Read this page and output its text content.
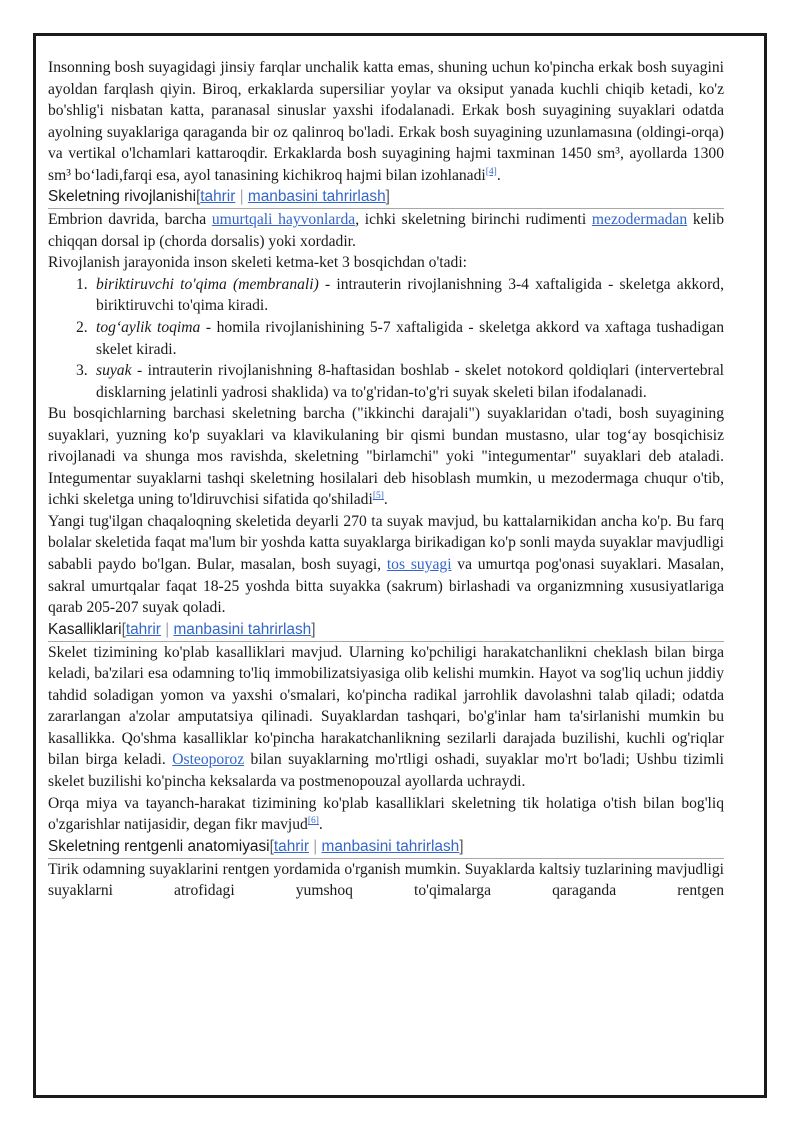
Insonning bosh suyagidagi jinsiy farqlar unchalik katta emas, shuning uchun ko'pincha erkak bosh suyagini ayoldan farqlash qiyin. Biroq, erkaklarda supersiliar yoylar va oksiput yanada kuchli chiqib ketadi, ko'z bo'shlig'i nisbatan katta, paranasal sinuslar yaxshi ifodalanadi. Erkak bosh suyagining suyaklari odatda ayolning suyaklariga qaraganda bir oz qalinroq bo'ladi. Erkak bosh suyagining uzunlamasına (oldingi-orqa) va vertikal o'lchamlari kattaroqdir. Erkaklarda bosh suyagining hajmi taxminan 1450 sm³, ayollarda 1300 sm³ bo‘ladi,farqi esa, ayol tanasining kichikroq hajmi bilan izohlanadi[4].

Skeletning rivojlanishi[tahrir | manbasini tahrirlash]

Embrion davrida, barcha umurtqali hayvonlarda, ichki skeletning birinchi rudimenti mezodermadan kelib chiqqan dorsal ip (chorda dorsalis) yoki xordadir.

Rivojlanish jarayonida inson skeleti ketma-ket 3 bosqichdan o'tadi:

1. biriktiruvchi to'qima (membranali) - intrauterin rivojlanishning 3-4 xaftaligida - skeletga akkord, biriktiruvchi to'qima kiradi.
2. tog‘aylik toqima - homila rivojlanishining 5-7 xaftaligida - skeletga akkord va xaftaga tushadigan skelet kiradi.
3. suyak - intrauterin rivojlanishning 8-haftasidan boshlab - skelet notokord qoldiqlari (intervertebral disklarning jelatinli yadrosi shaklida) va to'g'ridan-to'g'ri suyak skeleti bilan ifodalanadi.

Bu bosqichlarning barchasi skeletning barcha ("ikkinchi darajali") suyaklaridan o'tadi, bosh suyagining suyaklari, yuzning ko'p suyaklari va klavikulaning bir qismi bundan mustasno, ular tog‘ay bosqichisiz rivojlanadi va shunga mos ravishda, skeletning "birlamchi" yoki "integumentar" suyaklari deb ataladi. Integumentar suyaklarni tashqi skeletning hosilalari deb hisoblash mumkin, u mezodermaga chuqur o'tib, ichki skeletga uning to'ldiruvchisi sifatida qo'shiladi[5].

Yangi tug'ilgan chaqaloqning skeletida deyarli 270 ta suyak mavjud, bu kattalarnikidan ancha ko'p. Bu farq bolalar skeletida faqat ma'lum bir yoshda katta suyaklarga birikadigan ko'p sonli mayda suyaklar mavjudligi sababli paydo bo'lgan. Bular, masalan, bosh suyagi, tos suyagi va umurtqa pog'onasi suyaklari. Masalan, sakral umurtqalar faqat 18-25 yoshda bitta suyakka (sakrum) birlashadi va organizmning xususiyatlariga qarab 205-207 suyak qoladi.

Kasalliklari[tahrir | manbasini tahrirlash]

Skelet tizimining ko'plab kasalliklari mavjud. Ularning ko'pchiligi harakatchanlikni cheklash bilan birga keladi, ba'zilari esa odamning to'liq immobilizatsiyasiga olib kelishi mumkin. Hayot va sog'liq uchun jiddiy tahdid soladigan yomon va yaxshi o'smalari, ko'pincha radikal jarrohlik davolashni talab qiladi; odatda zararlangan a'zolar amputatsiya qilinadi. Suyaklardan tashqari, bo'g'inlar ham ta'sirlanishi mumkin bu kasallikka. Qo'shma kasalliklar ko'pincha harakatchanlikning sezilarli darajada buzilishi, kuchli og'riqlar bilan birga keladi. Osteoporoz bilan suyaklarning mo'rtligi oshadi, suyaklar mo'rt bo'ladi; Ushbu tizimli skelet buzilishi ko'pincha keksalarda va postmenopouzal ayollarda uchraydi.

Orqa miya va tayanch-harakat tizimining ko'plab kasalliklari skeletning tik holatiga o'tish bilan bog'liq o'zgarishlar natijasidir, degan fikr mavjud[6].

Skeletning rentgenli anatomiyasi[tahrir | manbasini tahrirlash]

Tirik odamning suyaklarini rentgen yordamida o'rganish mumkin. Suyaklarda kaltsiy tuzlarining mavjudligi suyaklarni atrofidagi yumshoq to'qimalarga qaraganda rentgen
